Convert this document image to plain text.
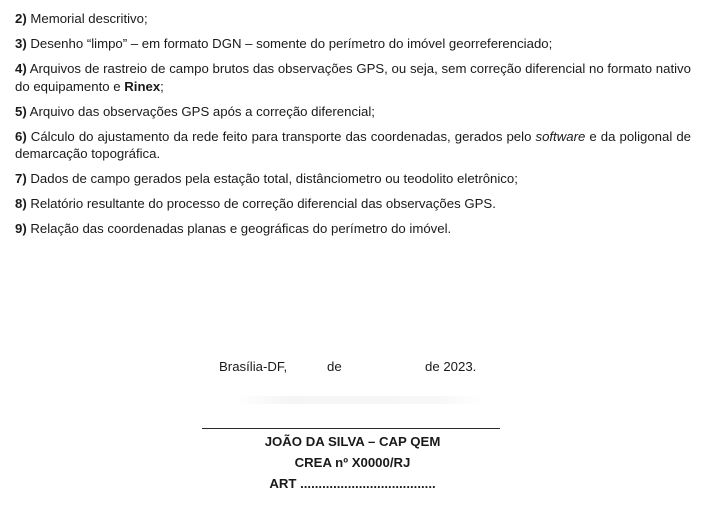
2) Memorial descritivo;
3) Desenho “limpo” – em formato DGN – somente do perímetro do imóvel georreferenciado;
4) Arquivos de rastreio de campo brutos das observações GPS, ou seja, sem correção diferencial no formato nativo do equipamento e Rinex;
5) Arquivo das observações GPS após a correção diferencial;
6) Cálculo do ajustamento da rede feito para transporte das coordenadas, gerados pelo software e da poligonal de demarcação topográfica.
7) Dados de campo gerados pela estação total, distânciometro ou teodolito eletrônico;
8) Relatório resultante do processo de correção diferencial das observações GPS.
9) Relação das coordenadas planas e geográficas do perímetro do imóvel.
Brasília-DF,	de	de 2023.
JOÃO DA SILVA – CAP QEM
CREA nº X0000/RJ
ART .....................................
